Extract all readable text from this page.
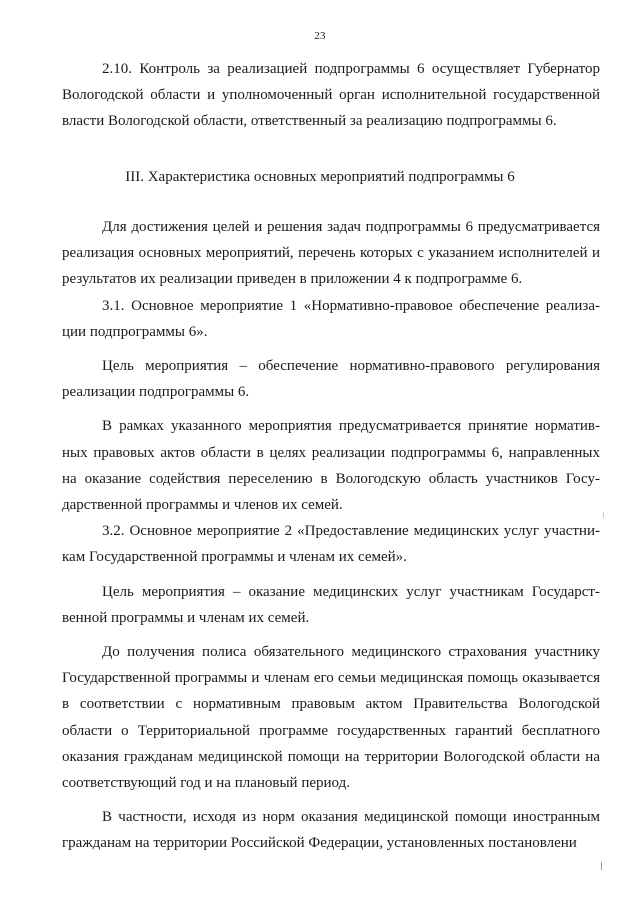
23

2.10. Контроль за реализацией подпрограммы 6 осуществляет Губернатор Вологодской области и уполномоченный орган исполнительной государственной власти Вологодской области, ответственный за реализацию подпрограммы 6.

III. Характеристика основных мероприятий подпрограммы 6

Для достижения целей и решения задач подпрограммы 6 предусматривается реализация основных мероприятий, перечень которых с указанием исполнителей и результатов их реализации приведен в приложении 4 к подпрограмме 6.

3.1. Основное мероприятие 1 «Нормативно-правовое обеспечение реализации подпрограммы 6».

Цель мероприятия – обеспечение нормативно-правового регулирования реализации подпрограммы 6.

В рамках указанного мероприятия предусматривается принятие нормативных правовых актов области в целях реализации подпрограммы 6, направленных на оказание содействия переселению в Вологодскую область участников Государственной программы и членов их семей.

3.2. Основное мероприятие 2 «Предоставление медицинских услуг участникам Государственной программы и членам их семей».

Цель мероприятия – оказание медицинских услуг участникам Государственной программы и членам их семей.

До получения полиса обязательного медицинского страхования участнику Государственной программы и членам его семьи медицинская помощь оказывается в соответствии с нормативным правовым актом Правительства Вологодской области о Территориальной программе государственных гарантий бесплатного оказания гражданам медицинской помощи на территории Вологодской области на соответствующий год и на плановый период.

В частности, исходя из норм оказания медицинской помощи иностранным гражданам на территории Российской Федерации, установленных постановлени
